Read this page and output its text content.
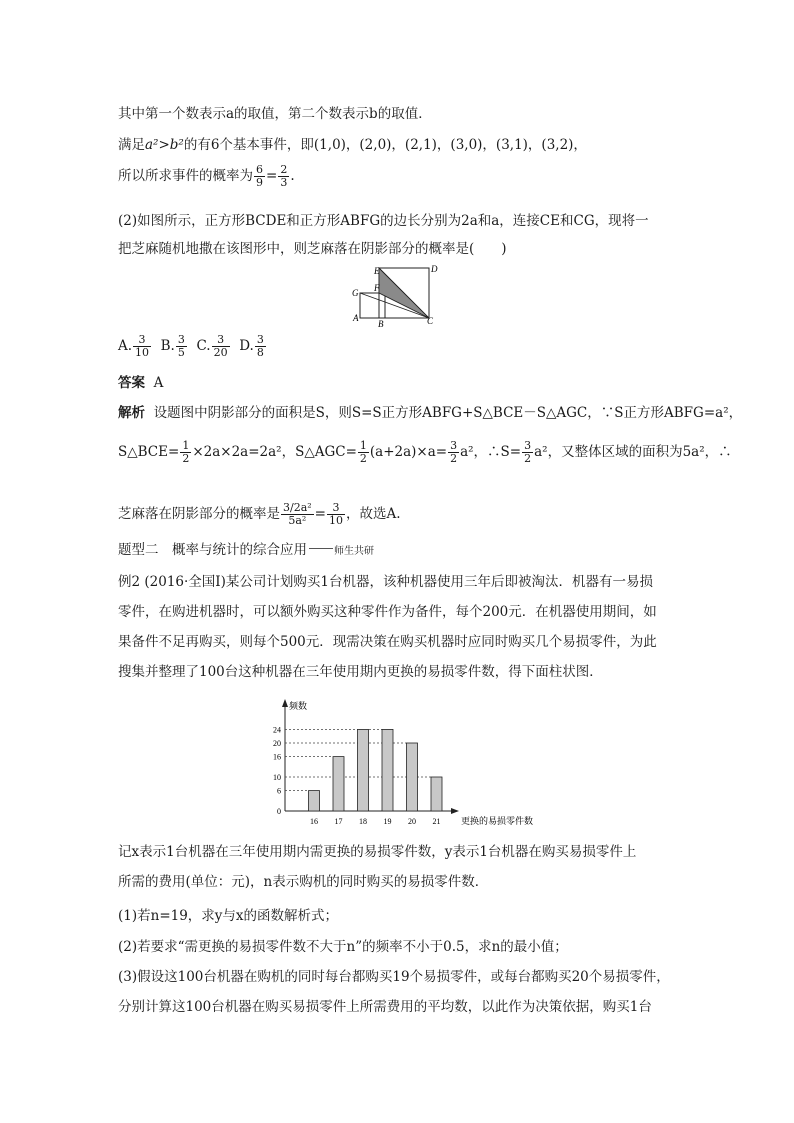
其中第一个数表示a的取值，第二个数表示b的取值．
满足a²>b²的有6个基本事件，即(1,0)，(2,0)，(2,1)，(3,0)，(3,1)，(3,2)，
所以所求事件的概率为 $\frac{6}{9} = \frac{2}{3}$ .
(2)如图所示，正方形BCDE和正方形ABFG的边长分别为2a和a，连接CE和CG，现将一
把芝麻随机地撒在该图形中，则芝麻落在阴影部分的概率是(　　)
E	D
G F
A
B	C
A. $\frac{3}{10} B$. $\frac{3}{5} C$. $\frac{3}{20} D$. $\frac{3}{8}$
答案 A
解析 设题图中阴影部分的面积是S，则S=S正方形ABFG+S△BCE－S△AGC，∵S正方形ABFG=a²，
S△BCE= $\frac{1}{2} \times 2a\times 2a=2a^2$，S△AGC= $\frac{1}{2} (a+2a)\times a= \frac{3}{2} a^2$，∴S= $\frac{3}{2} a^2$，又整体区域的面积为5a²，∴
芝麻落在阴影部分的概率是 $\frac{\text{3/2a²}}{\text{5a²}} = \frac{3}{10}$ ，故选A.
题型二　概率与统计的综合应用	师生共研
例2 (2016·全国Ⅰ)某公司计划购买1台机器，该种机器使用三年后即被淘汰．机器有一易损
零件，在购进机器时，可以额外购买这种零件作为备件，每个200元．在机器使用期间，如
果备件不足再购买，则每个500元．现需决策在购买机器时应同时购买几个易损零件，为此
搜集并整理了100台这种机器在三年使用期内更换的易损零件数，得下面柱状图．
6
10
16
20
24
0
16 17 18 19 20 21
频数
更换的易损零件数
记x表示1台机器在三年使用期内需更换的易损零件数，y表示1台机器在购买易损零件上
所需的费用(单位：元)，n表示购机的同时购买的易损零件数．
(1)若n=19，求y与x的函数解析式；
(2)若要求“需更换的易损零件数不大于n”的频率不小于0.5，求n的最小值；
(3)假设这100台机器在购机的同时每台都购买19个易损零件，或每台都购买20个易损零件，
分别计算这100台机器在购买易损零件上所需费用的平均数，以此作为决策依据，购买1台
